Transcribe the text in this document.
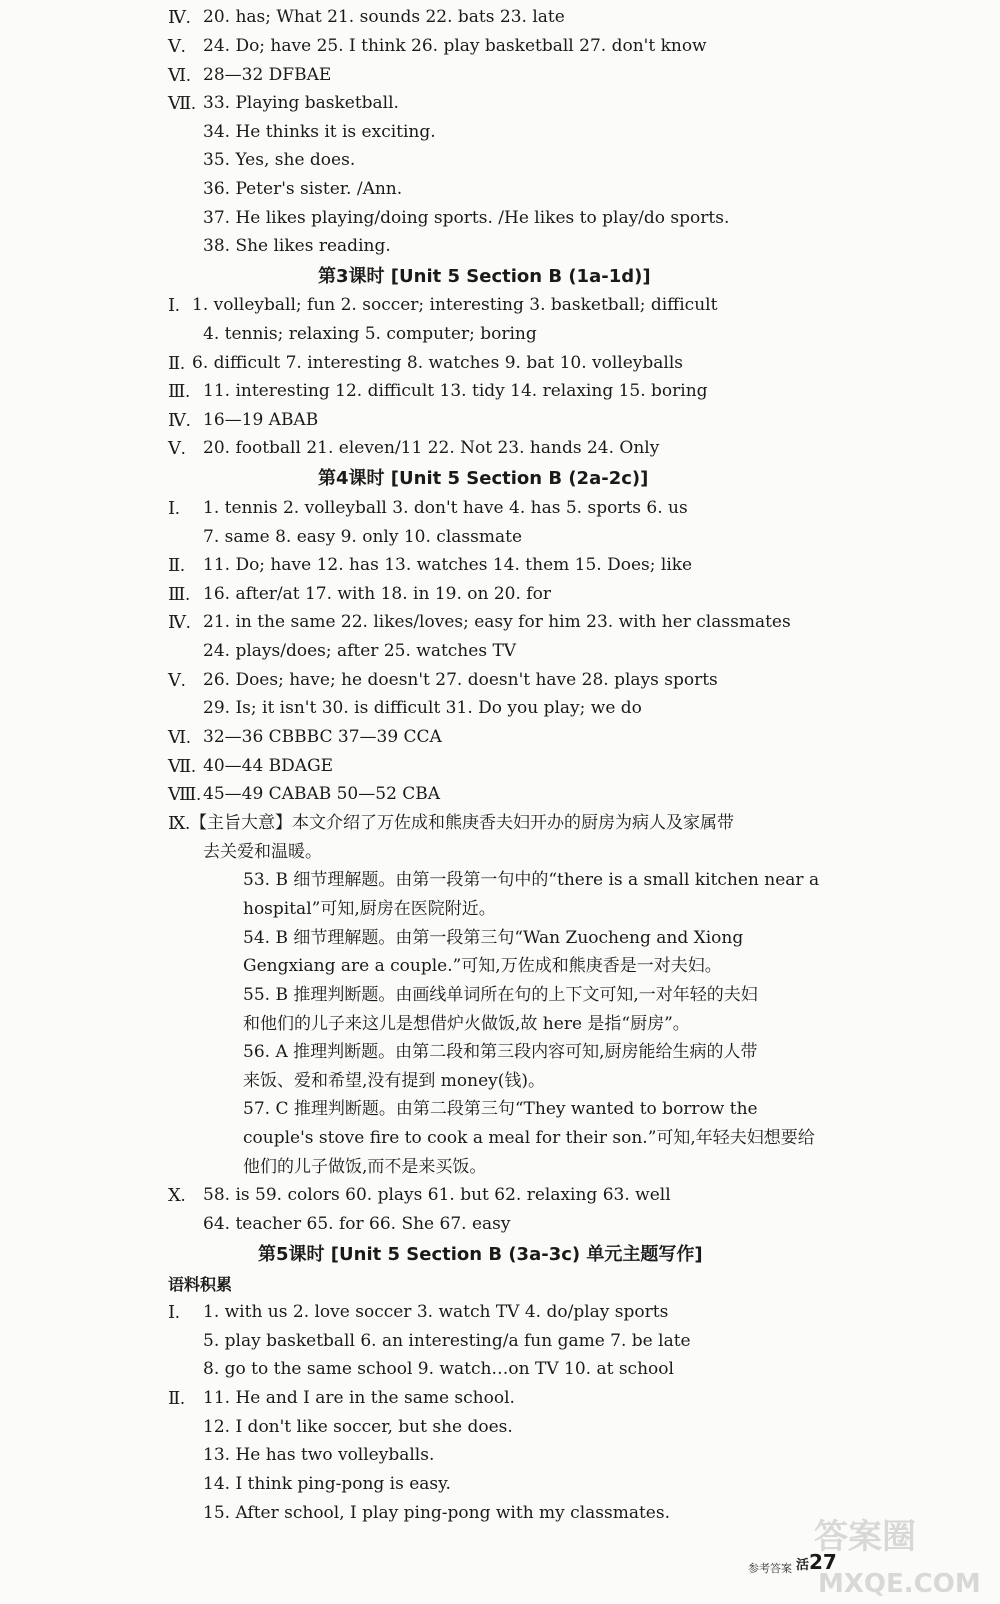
Ⅳ. 20. has; What 21. sounds 22. bats 23. late
Ⅴ. 24. Do; have 25. I think 26. play basketball 27. don't know
Ⅵ. 28—32 DFBAE
Ⅶ. 33. Playing basketball.
34. He thinks it is exciting.
35. Yes, she does.
36. Peter's sister. /Ann.
37. He likes playing/doing sports. /He likes to play/do sports.
38. She likes reading.
第3课时 [Unit 5 Section B (1a-1d)]
Ⅰ. 1. volleyball; fun 2. soccer; interesting 3. basketball; difficult
4. tennis; relaxing 5. computer; boring
Ⅱ. 6. difficult 7. interesting 8. watches 9. bat 10. volleyballs
Ⅲ. 11. interesting 12. difficult 13. tidy 14. relaxing 15. boring
Ⅳ. 16—19 ABAB
Ⅴ. 20. football 21. eleven/11 22. Not 23. hands 24. Only
第4课时 [Unit 5 Section B (2a-2c)]
Ⅰ. 1. tennis 2. volleyball 3. don't have 4. has 5. sports 6. us
7. same 8. easy 9. only 10. classmate
Ⅱ. 11. Do; have 12. has 13. watches 14. them 15. Does; like
Ⅲ. 16. after/at 17. with 18. in 19. on 20. for
Ⅳ. 21. in the same 22. likes/loves; easy for him 23. with her classmates
24. plays/does; after 25. watches TV
Ⅴ. 26. Does; have; he doesn't 27. doesn't have 28. plays sports
29. Is; it isn't 30. is difficult 31. Do you play; we do
Ⅵ. 32—36 CBBBC 37—39 CCA
Ⅶ. 40—44 BDAGE
Ⅷ. 45—49 CABAB 50—52 CBA
Ⅸ. 【主旨大意】本文介绍了万佐成和熊庚香夫妇开办的厨房为病人及家属带
去关爱和温暖。
53. B 细节理解题。由第一段第一句中的“there is a small kitchen near a
hospital”可知,厨房在医院附近。
54. B 细节理解题。由第一段第三句“Wan Zuocheng and Xiong
Gengxiang are a couple.”可知,万佐成和熊庚香是一对夫妇。
55. B 推理判断题。由画线单词所在句的上下文可知,一对年轻的夫妇
和他们的儿子来这儿是想借炉火做饭,故 here 是指“厨房”。
56. A 推理判断题。由第二段和第三段内容可知,厨房能给生病的人带
来饭、爱和希望,没有提到 money(钱)。
57. C 推理判断题。由第二段第三句“They wanted to borrow the
couple's stove fire to cook a meal for their son.”可知,年轻夫妇想要给
他们的儿子做饭,而不是来买饭。
Ⅹ. 58. is 59. colors 60. plays 61. but 62. relaxing 63. well
64. teacher 65. for 66. She 67. easy
第5课时 [Unit 5 Section B (3a-3c) 单元主题写作]
语料积累
Ⅰ. 1. with us 2. love soccer 3. watch TV 4. do/play sports
5. play basketball 6. an interesting/a fun game 7. be late
8. go to the same school 9. watch…on TV 10. at school
Ⅱ. 11. He and I are in the same school.
12. I don't like soccer, but she does.
13. He has two volleyballs.
14. I think ping-pong is easy.
15. After school, I play ping-pong with my classmates.
参考答案 活27
答案圈
MXQE.COM
